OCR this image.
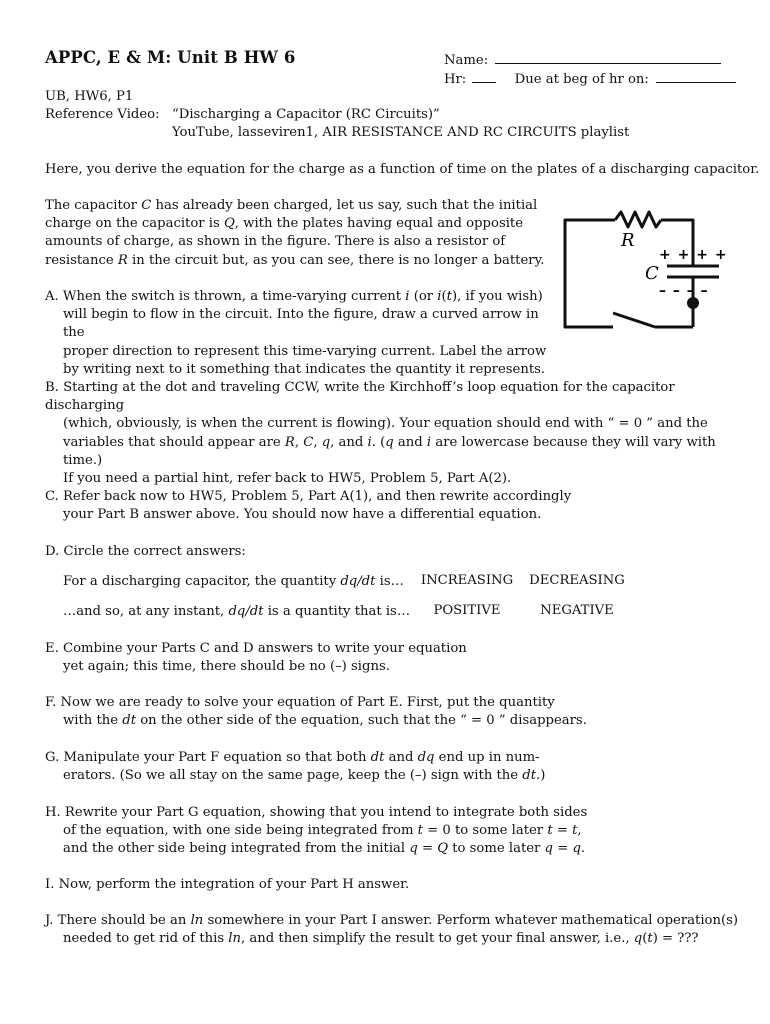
APPC, E & M: Unit B HW 6	Name:
Hr:	Due at beg of hr on:
UB, HW6, P1
Reference Video: “Discharging a Capacitor (RC Circuits)”
YouTube, lasseviren1, AIR RESISTANCE AND RC CIRCUITS playlist
Here, you derive the equation for the charge as a function of time on the plates of a discharging capacitor.
The capacitor C has already been charged, let us say, such that the initial
charge on the capacitor is Q, with the plates having equal and opposite
amounts of charge, as shown in the figure. There is also a resistor of
resistance R in the circuit but, as you can see, there is no longer a battery.
R
C
+ + + +
– – – –
A. When the switch is thrown, a time-varying current i (or i(t), if you wish)
will begin to flow in the circuit. Into the figure, draw a curved arrow in the
proper direction to represent this time-varying current. Label the arrow
by writing next to it something that indicates the quantity it represents.
B. Starting at the dot and traveling CCW, write the Kirchhoff’s loop equation for the capacitor discharging
(which, obviously, is when the current is flowing). Your equation should end with “ = 0 ” and the
variables that should appear are R, C, q, and i. (q and i are lowercase because they will vary with time.)
If you need a partial hint, refer back to HW5, Problem 5, Part A(2).
C. Refer back now to HW5, Problem 5, Part A(1), and then rewrite accordingly
your Part B answer above. You should now have a differential equation.
D. Circle the correct answers:
For a discharging capacitor, the quantity dq/dt is…	INCREASING	DECREASING
…and so, at any instant, dq/dt is a quantity that is…	POSITIVE	NEGATIVE
E. Combine your Parts C and D answers to write your equation
yet again; this time, there should be no (–) signs.
F. Now we are ready to solve your equation of Part E. First, put the quantity
with the dt on the other side of the equation, such that the “ = 0 ” disappears.
G. Manipulate your Part F equation so that both dt and dq end up in num-
erators. (So we all stay on the same page, keep the (–) sign with the dt.)
H. Rewrite your Part G equation, showing that you intend to integrate both sides
of the equation, with one side being integrated from t = 0 to some later t = t,
and the other side being integrated from the initial q = Q to some later q = q.
I. Now, perform the integration of your Part H answer.
J. There should be an ln somewhere in your Part I answer. Perform whatever mathematical operation(s)
needed to get rid of this ln, and then simplify the result to get your final answer, i.e., q(t) = ???
